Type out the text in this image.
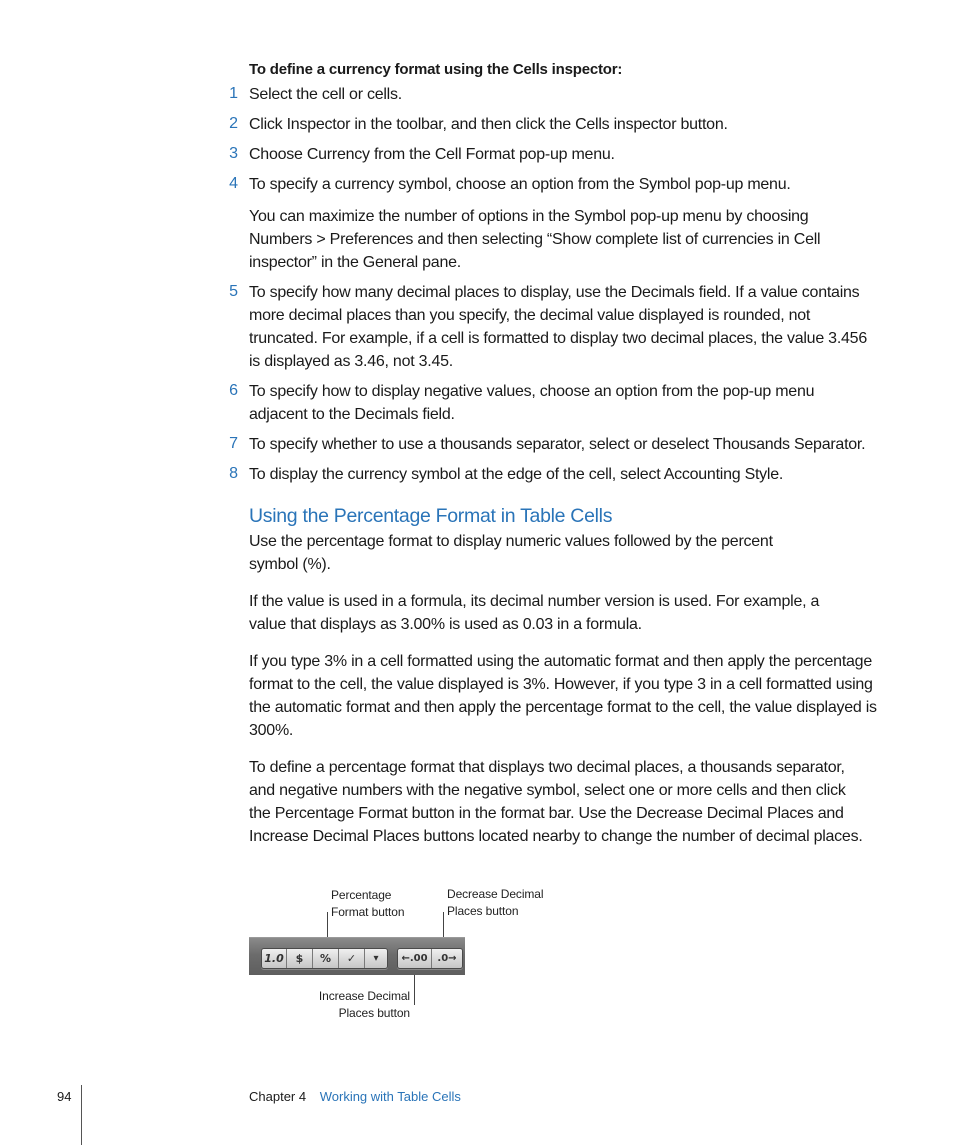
To define a currency format using the Cells inspector:

1 Select the cell or cells.

2 Click Inspector in the toolbar, and then click the Cells inspector button.

3 Choose Currency from the Cell Format pop-up menu.

4 To specify a currency symbol, choose an option from the Symbol pop-up menu.

You can maximize the number of options in the Symbol pop-up menu by choosing Numbers > Preferences and then selecting “Show complete list of currencies in Cell inspector” in the General pane.

5 To specify how many decimal places to display, use the Decimals field. If a value contains more decimal places than you specify, the decimal value displayed is rounded, not truncated. For example, if a cell is formatted to display two decimal places, the value 3.456 is displayed as 3.46, not 3.45.

6 To specify how to display negative values, choose an option from the pop-up menu adjacent to the Decimals field.

7 To specify whether to use a thousands separator, select or deselect Thousands Separator.

8 To display the currency symbol at the edge of the cell, select Accounting Style.

Using the Percentage Format in Table Cells

Use the percentage format to display numeric values followed by the percent symbol (%).

If the value is used in a formula, its decimal number version is used. For example, a value that displays as 3.00% is used as 0.03 in a formula.

If you type 3% in a cell formatted using the automatic format and then apply the percentage format to the cell, the value displayed is 3%. However, if you type 3 in a cell formatted using the automatic format and then apply the percentage format to the cell, the value displayed is 300%.

To define a percentage format that displays two decimal places, a thousands separator, and negative numbers with the negative symbol, select one or more cells and then click the Percentage Format button in the format bar. Use the Decrease Decimal Places and Increase Decimal Places buttons located nearby to change the number of decimal places.

Percentage Format button

Decrease Decimal Places button

Increase Decimal Places button

1.0	$	%	✓	▾	←.00 .0→

94	Chapter 4 Working with Table Cells
